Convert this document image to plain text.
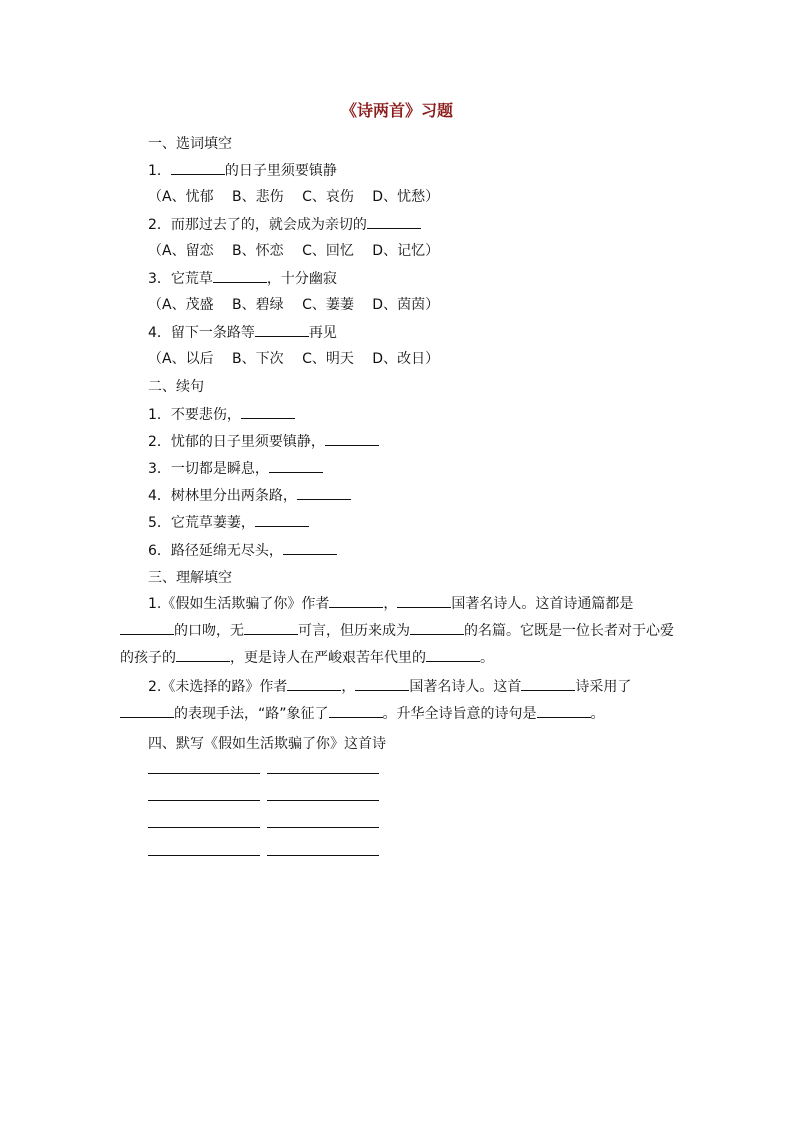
《诗两首》习题
一、选词填空
1．	的日子里须要镇静
（A、忧郁　 B、悲伤　 C、哀伤　 D、忧愁）
2．而那过去了的，就会成为亲切的
（A、留恋　 B、怀恋　 C、回忆　 D、记忆）
3．它荒草	，十分幽寂
（A、茂盛　 B、碧绿　 C、萋萋　 D、茵茵）
4．留下一条路等	再见
（A、以后　 B、下次　 C、明天　 D、改日）
二、续句
1．不要悲伤，
2．忧郁的日子里须要镇静，
3．一切都是瞬息，
4．树林里分出两条路，
5．它荒草萋萋，
6．路径延绵无尽头，
三、理解填空
1.《假如生活欺骗了你》作者	，	国著名诗人。这首诗通篇都是的口吻，无	可言，但历来成为	的名篇。它既是一位长者对于心爱的孩子的	，更是诗人在严峻艰苦年代里的	。
2.《未选择的路》作者	，	国著名诗人。这首	诗采用了的表现手法，“路”象征了	。升华全诗旨意的诗句是	。
四、默写《假如生活欺骗了你》这首诗
